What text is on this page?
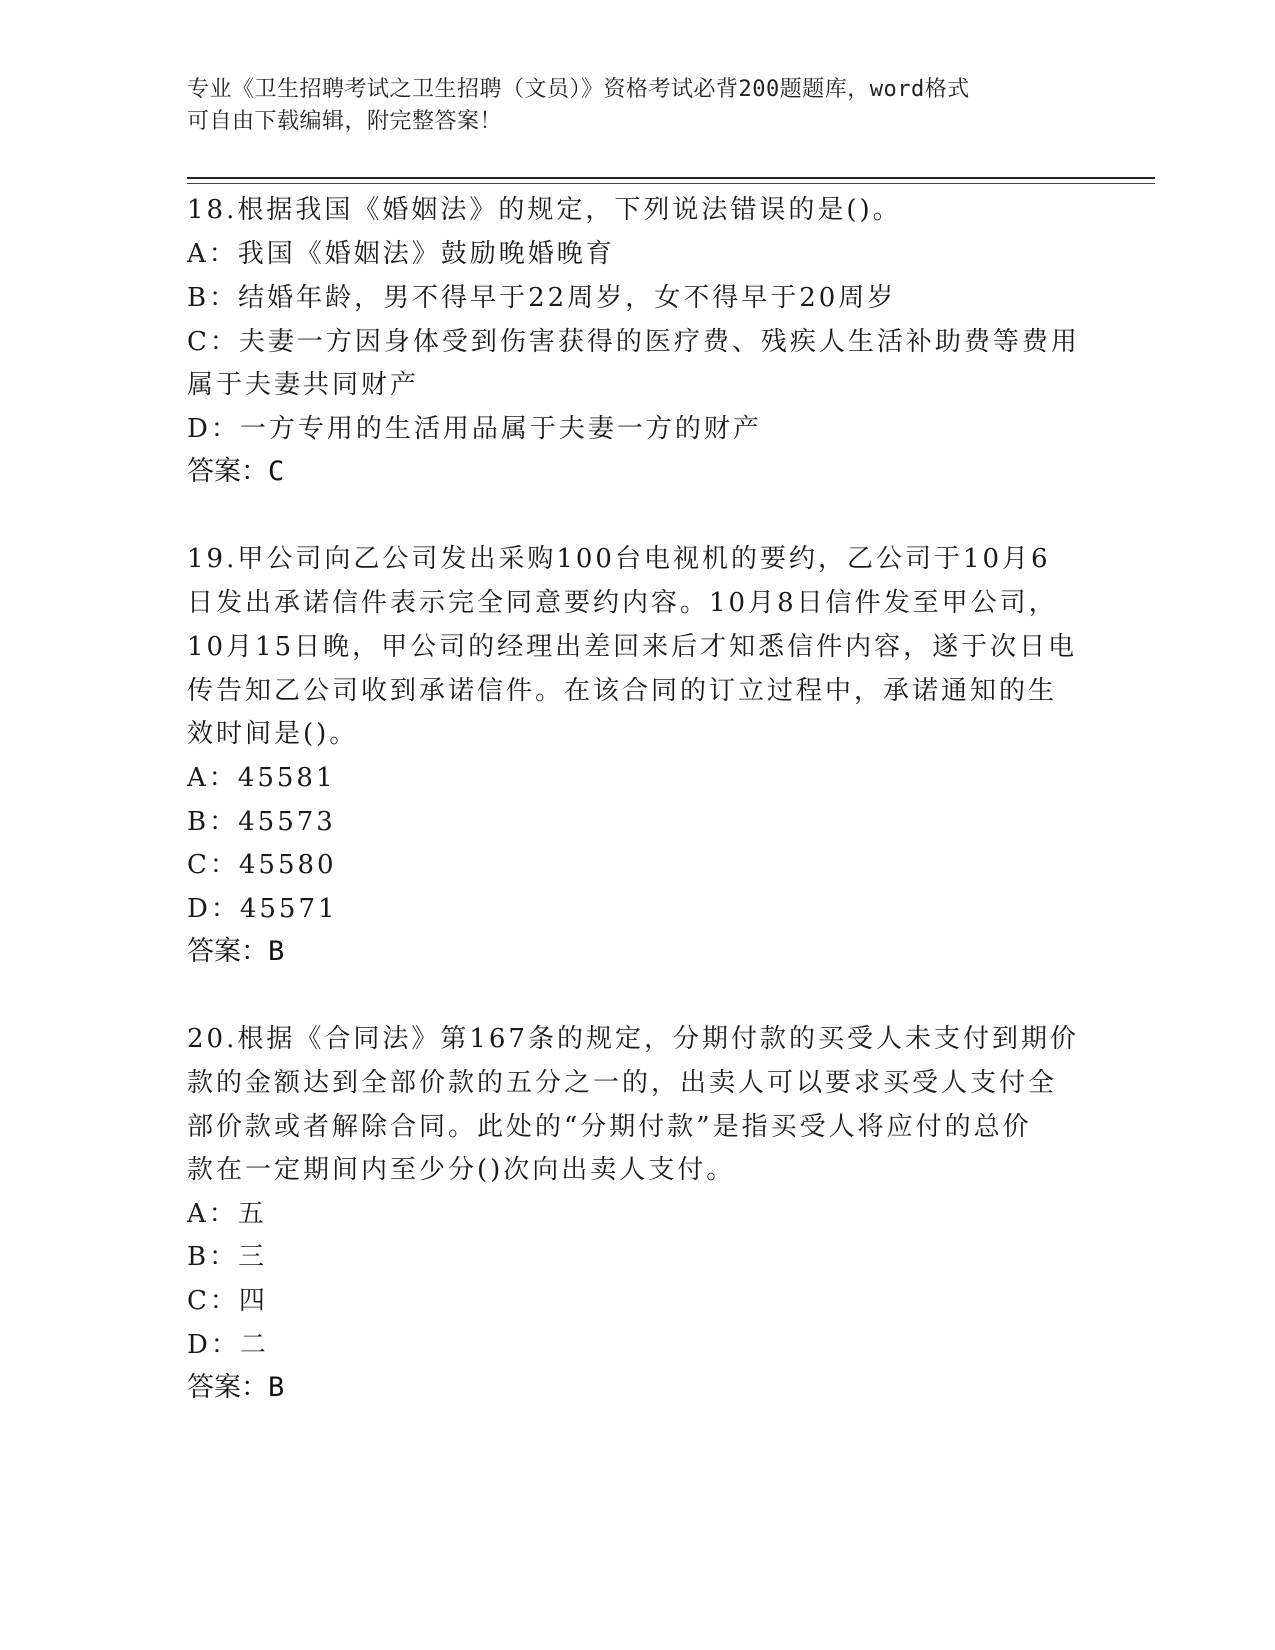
专业《卫生招聘考试之卫生招聘（文员）》资格考试必背200题题库，word格式
可自由下载编辑，附完整答案！
18.根据我国《婚姻法》的规定，下列说法错误的是()。
A：我国《婚姻法》鼓励晚婚晚育
B：结婚年龄，男不得早于22周岁，女不得早于20周岁
C：夫妻一方因身体受到伤害获得的医疗费、残疾人生活补助费等费用
属于夫妻共同财产
D：一方专用的生活用品属于夫妻一方的财产
答案：C
19.甲公司向乙公司发出采购100台电视机的要约，乙公司于10月6
日发出承诺信件表示完全同意要约内容。10月8日信件发至甲公司，
10月15日晚，甲公司的经理出差回来后才知悉信件内容，遂于次日电
传告知乙公司收到承诺信件。在该合同的订立过程中，承诺通知的生
效时间是()。
A：45581
B：45573
C：45580
D：45571
答案：B
20.根据《合同法》第167条的规定，分期付款的买受人未支付到期价
款的金额达到全部价款的五分之一的，出卖人可以要求买受人支付全
部价款或者解除合同。此处的“分期付款”是指买受人将应付的总价
款在一定期间内至少分()次向出卖人支付。
A：五
B：三
C：四
D：二
答案：B
